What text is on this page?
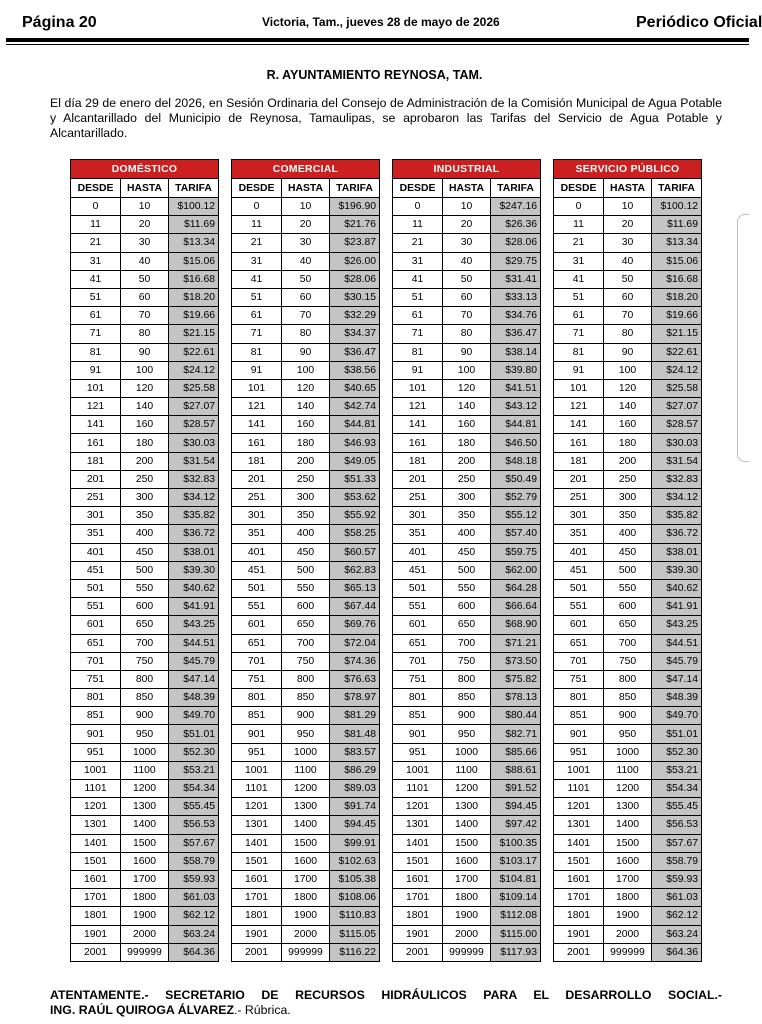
Página 20	Victoria, Tam., jueves 28 de mayo de 2026	Periódico Oficial
R. AYUNTAMIENTO REYNOSA, TAM.
El día 29 de enero del 2026, en Sesión Ordinaria del Consejo de Administración de la Comisión Municipal de Agua Potable y Alcantarillado del Municipio de Reynosa, Tamaulipas, se aprobaron las Tarifas del Servicio de Agua Potable y Alcantarillado.
DOMÉSTICO		
DESDE	HASTA	TARIFA
0	10	$100.12
11	20	$11.69
21	30	$13.34
31	40	$15.06
41	50	$16.68
51	60	$18.20
61	70	$19.66
71	80	$21.15
81	90	$22.61
91	100	$24.12
101	120	$25.58
121	140	$27.07
141	160	$28.57
161	180	$30.03
181	200	$31.54
201	250	$32.83
251	300	$34.12
301	350	$35.82
351	400	$36.72
401	450	$38.01
451	500	$39.30
501	550	$40.62
551	600	$41.91
601	650	$43.25
651	700	$44.51
701	750	$45.79
751	800	$47.14
801	850	$48.39
851	900	$49.70
901	950	$51.01
951	1000	$52.30
1001	1100	$53.21
1101	1200	$54.34
1201	1300	$55.45
1301	1400	$56.53
1401	1500	$57.67
1501	1600	$58.79
1601	1700	$59.93
1701	1800	$61.03
1801	1900	$62.12
1901	2000	$63.24
2001	999999	$64.36
COMERCIAL		
DESDE	HASTA	TARIFA
0	10	$196.90
11	20	$21.76
21	30	$23.87
31	40	$26.00
41	50	$28.06
51	60	$30.15
61	70	$32.29
71	80	$34.37
81	90	$36.47
91	100	$38.56
101	120	$40.65
121	140	$42.74
141	160	$44.81
161	180	$46.93
181	200	$49.05
201	250	$51.33
251	300	$53.62
301	350	$55.92
351	400	$58.25
401	450	$60.57
451	500	$62.83
501	550	$65.13
551	600	$67.44
601	650	$69.76
651	700	$72.04
701	750	$74.36
751	800	$76.63
801	850	$78.97
851	900	$81.29
901	950	$81.48
951	1000	$83.57
1001	1100	$86.29
1101	1200	$89.03
1201	1300	$91.74
1301	1400	$94.45
1401	1500	$99.91
1501	1600	$102.63
1601	1700	$105.38
1701	1800	$108.06
1801	1900	$110.83
1901	2000	$115.05
2001	999999	$116.22
INDUSTRIAL		
DESDE	HASTA	TARIFA
0	10	$247.16
11	20	$26.36
21	30	$28.06
31	40	$29.75
41	50	$31.41
51	60	$33.13
61	70	$34.76
71	80	$36.47
81	90	$38.14
91	100	$39.80
101	120	$41.51
121	140	$43.12
141	160	$44.81
161	180	$46.50
181	200	$48.18
201	250	$50.49
251	300	$52.79
301	350	$55.12
351	400	$57.40
401	450	$59.75
451	500	$62.00
501	550	$64.28
551	600	$66.64
601	650	$68.90
651	700	$71.21
701	750	$73.50
751	800	$75.82
801	850	$78.13
851	900	$80.44
901	950	$82.71
951	1000	$85.66
1001	1100	$88.61
1101	1200	$91.52
1201	1300	$94.45
1301	1400	$97.42
1401	1500	$100.35
1501	1600	$103.17
1601	1700	$104.81
1701	1800	$109.14
1801	1900	$112.08
1901	2000	$115.00
2001	999999	$117.93
SERVICIO PÚBLICO		
DESDE	HASTA	TARIFA
0	10	$100.12
11	20	$11.69
21	30	$13.34
31	40	$15.06
41	50	$16.68
51	60	$18.20
61	70	$19.66
71	80	$21.15
81	90	$22.61
91	100	$24.12
101	120	$25.58
121	140	$27.07
141	160	$28.57
161	180	$30.03
181	200	$31.54
201	250	$32.83
251	300	$34.12
301	350	$35.82
351	400	$36.72
401	450	$38.01
451	500	$39.30
501	550	$40.62
551	600	$41.91
601	650	$43.25
651	700	$44.51
701	750	$45.79
751	800	$47.14
801	850	$48.39
851	900	$49.70
901	950	$51.01
951	1000	$52.30
1001	1100	$53.21
1101	1200	$54.34
1201	1300	$55.45
1301	1400	$56.53
1401	1500	$57.67
1501	1600	$58.79
1601	1700	$59.93
1701	1800	$61.03
1801	1900	$62.12
1901	2000	$63.24
2001	999999	$64.36
ATENTAMENTE.- SECRETARIO DE RECURSOS HIDRÁULICOS PARA EL DESARROLLO SOCIAL.-
ING. RAÚL QUIROGA ÁLVAREZ.- Rúbrica.
